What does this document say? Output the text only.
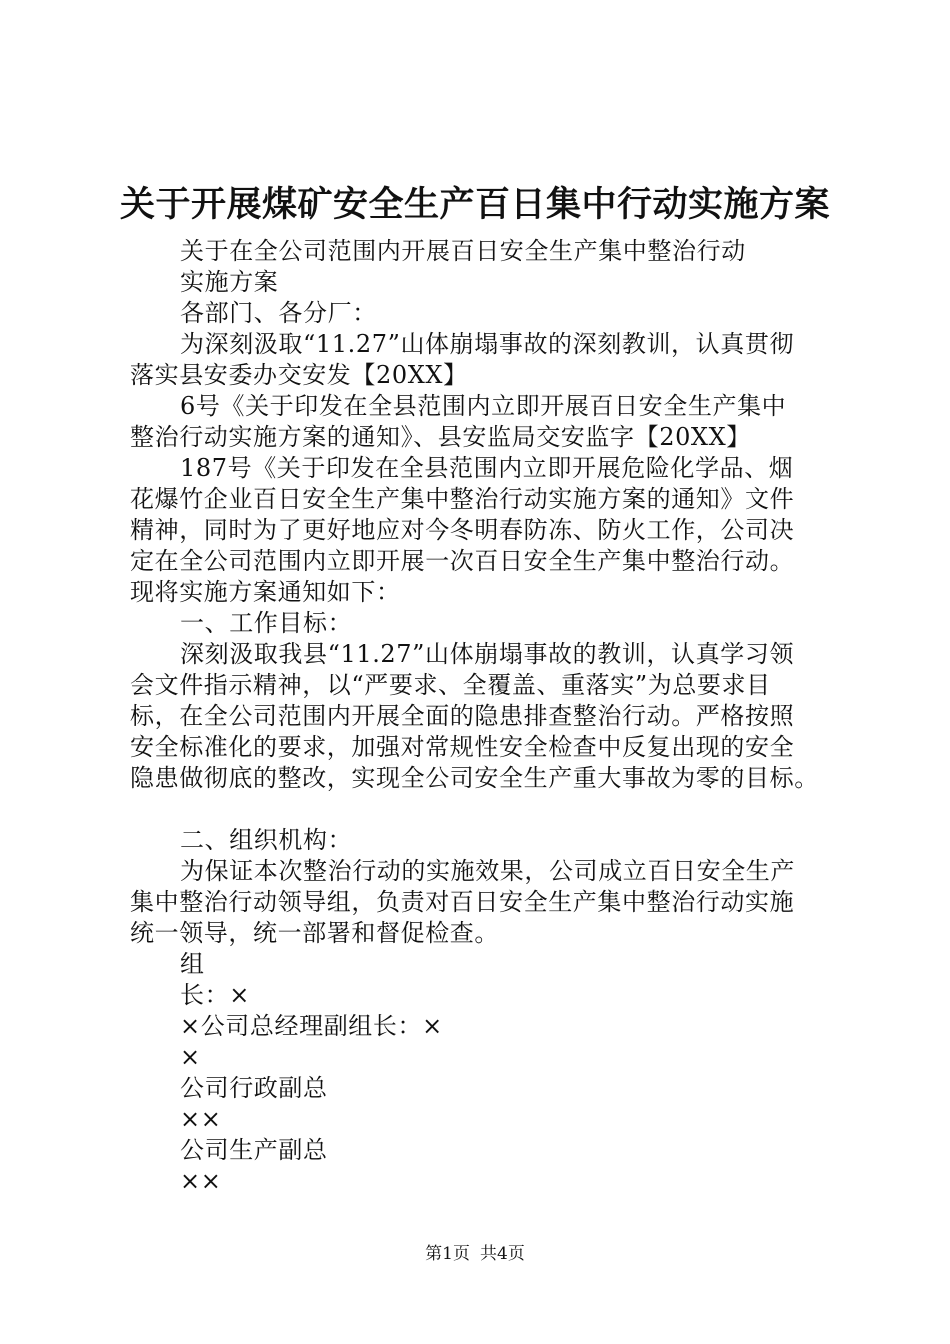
关于开展煤矿安全生产百日集中行动实施方案
关于在全公司范围内开展百日安全生产集中整治行动
实施方案
各部门、各分厂：
为深刻汲取“11.27”山体崩塌事故的深刻教训，认真贯彻
落实县安委办交安发【20XX】
6号《关于印发在全县范围内立即开展百日安全生产集中
整治行动实施方案的通知》、县安监局交安监字【20XX】
187号《关于印发在全县范围内立即开展危险化学品、烟
花爆竹企业百日安全生产集中整治行动实施方案的通知》文件
精神，同时为了更好地应对今冬明春防冻、防火工作，公司决
定在全公司范围内立即开展一次百日安全生产集中整治行动。
现将实施方案通知如下：
一、工作目标：
深刻汲取我县“11.27”山体崩塌事故的教训，认真学习领
会文件指示精神，以“严要求、全覆盖、重落实”为总要求目
标，在全公司范围内开展全面的隐患排查整治行动。严格按照
安全标准化的要求，加强对常规性安全检查中反复出现的安全
隐患做彻底的整改，实现全公司安全生产重大事故为零的目标。
二、组织机构：
为保证本次整治行动的实施效果，公司成立百日安全生产
集中整治行动领导组，负责对百日安全生产集中整治行动实施
统一领导，统一部署和督促检查。
组
长：×
×公司总经理副组长：×
×
公司行政副总
××
公司生产副总
××
第1页 共4页
